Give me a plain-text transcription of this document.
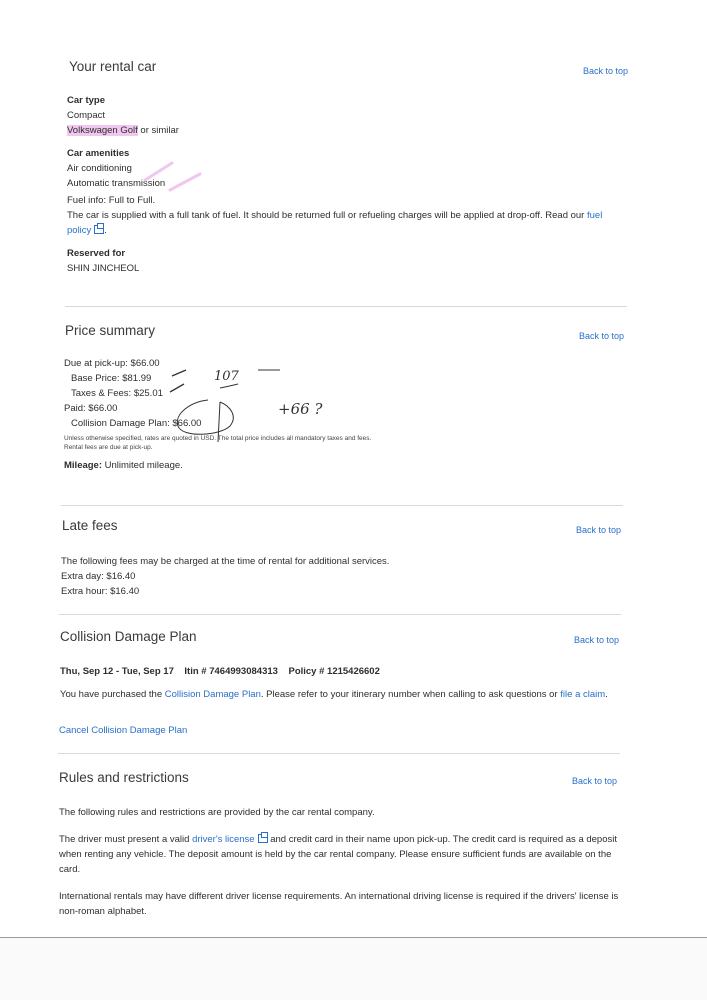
Your rental car	Back to top
Car type
Compact
Volkswagen Golf or similar
Car amenities
Air conditioning
Automatic transmission
Fuel info: Full to Full.
The car is supplied with a full tank of fuel. It should be returned full or refueling charges will be applied at drop-off. Read our fuel policy .
Reserved for
SHIN JINCHEOL
Price summary	Back to top
Due at pick-up: $66.00
Base Price: $81.99
Taxes & Fees: $25.01
Paid: $66.00
Collision Damage Plan: $66.00
Unless otherwise specified, rates are quoted in USD. The total price includes all mandatory taxes and fees.
Rental fees are due at pick-up.
Mileage: Unlimited mileage.
107
+66 ?
Late fees	Back to top
The following fees may be charged at the time of rental for additional services.
Extra day: $16.40
Extra hour: $16.40
Collision Damage Plan	Back to top
Thu, Sep 12 - Tue, Sep 17 Itin # 7464993084313 Policy # 1215426602
You have purchased the Collision Damage Plan. Please refer to your itinerary number when calling to ask questions or file a claim.
Cancel Collision Damage Plan
Rules and restrictions	Back to top
The following rules and restrictions are provided by the car rental company.
The driver must present a valid driver's license and credit card in their name upon pick-up. The credit card is required as a deposit when renting any vehicle. The deposit amount is held by the car rental company. Please ensure sufficient funds are available on the card.
International rentals may have different driver license requirements. An international driving license is required if the drivers' license is non-roman alphabet.
